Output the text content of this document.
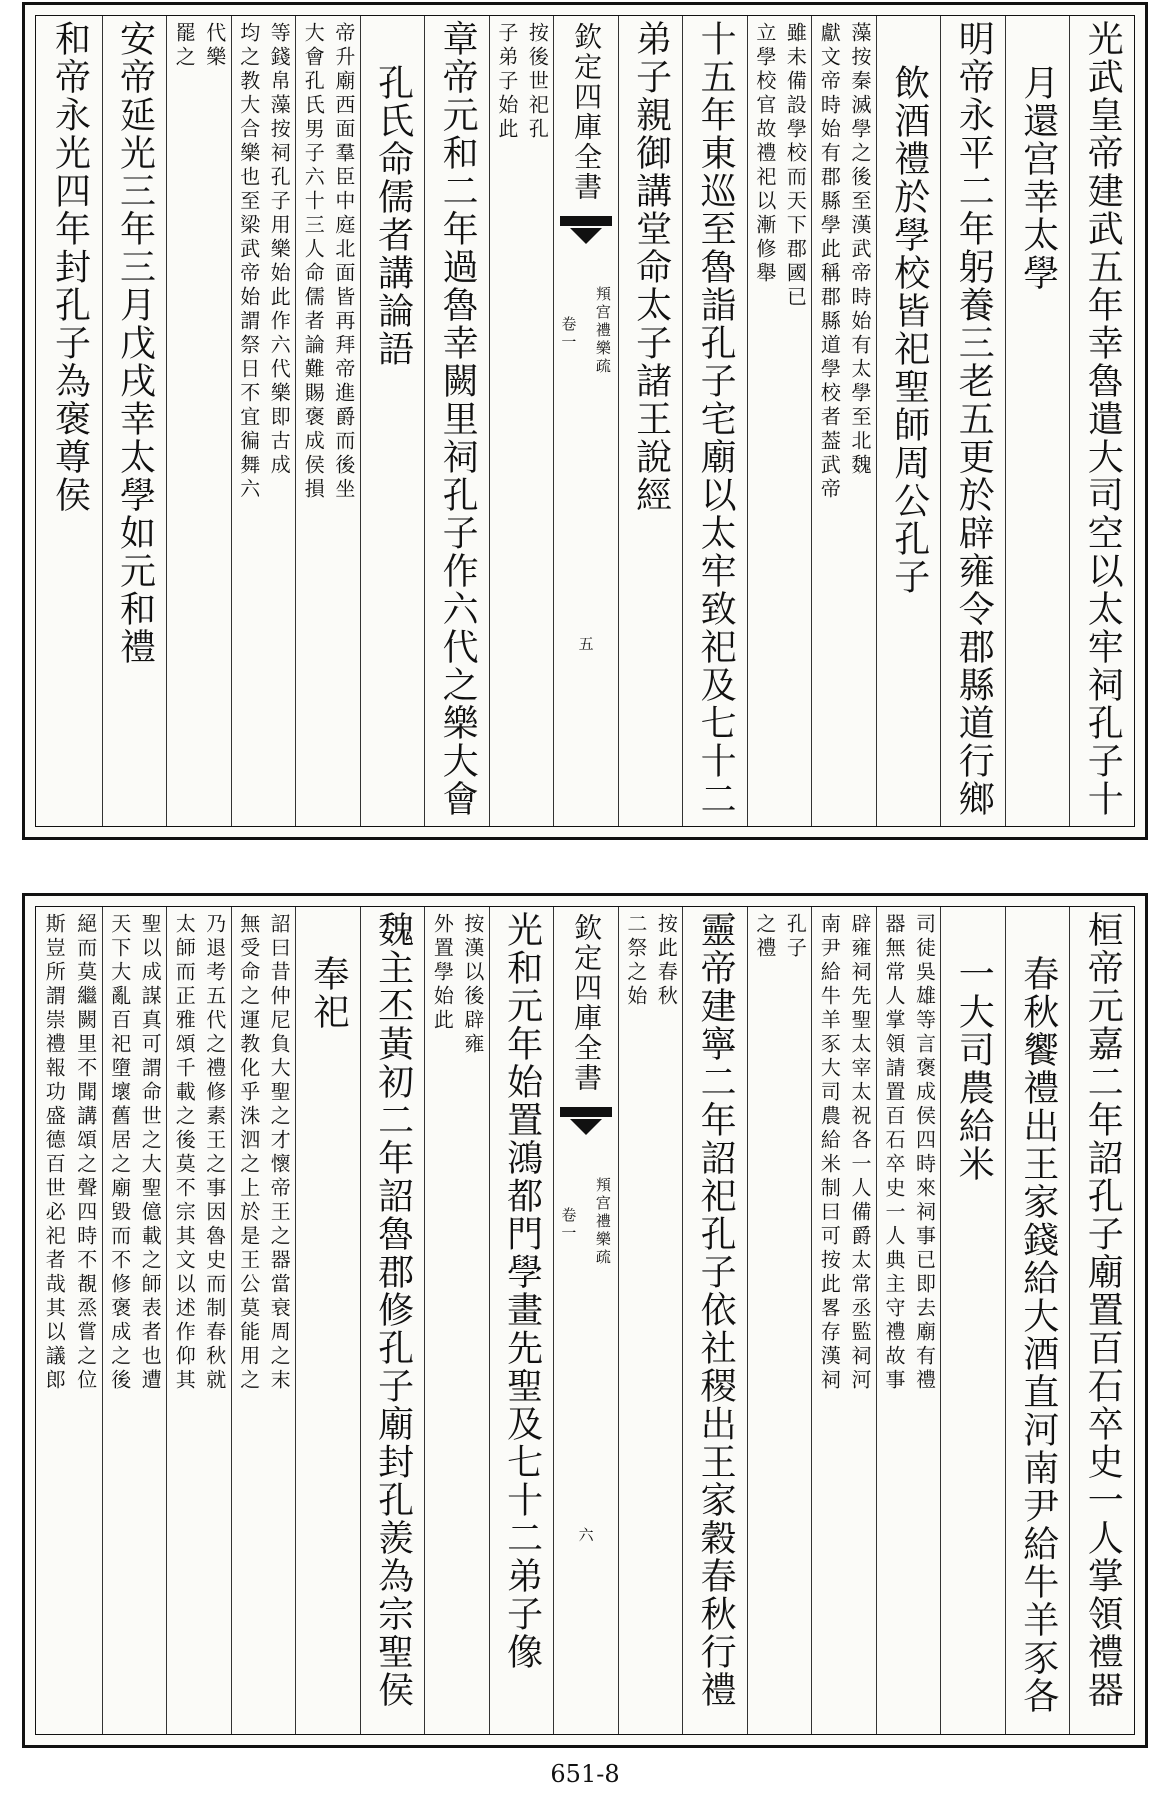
光武皇帝建武五年幸魯遣大司空以太牢祠孔子十
月還宫幸太學
明帝永平二年躬養三老五更於辟雍令郡縣道行鄉
飲酒禮於學校皆祀聖師周公孔子
藻按秦滅學之後至漢武帝時始有太學至北魏
獻文帝時始有郡縣學此稱郡縣道學校者葢武帝
雖未備設學校而天下郡國已
立學校官故禮祀以漸修舉
十五年東巡至魯詣孔子宅廟以太牢致祀及七十二
弟子親御講堂命太子諸王說經
欽定四庫全書
頖宫禮樂疏
卷一
五
按後世祀孔
子弟子始此
章帝元和二年過魯幸闕里祠孔子作六代之樂大會
孔氏命儒者講論語
帝升廟西面羣臣中庭北面皆再拜帝進爵而後坐
大會孔氏男子六十三人命儒者論難賜褒成侯損
等錢帛藻按祠孔子用樂始此作六代樂即古成
均之教大合樂也至梁武帝始謂祭日不宜徧舞六
代樂
罷之
安帝延光三年三月戊戌幸太學如元和禮
和帝永光四年封孔子為褒尊侯
桓帝元嘉二年詔孔子廟置百石卒史一人掌領禮器
春秋饗禮出王家錢給大酒直河南尹給牛羊豕各
一大司農給米
司徒吳雄等言褒成侯四時來祠事已即去廟有禮
器無常人掌領請置百石卒史一人典主守禮故事
辟雍祠先聖太宰太祝各一人備爵太常丞監祠河
南尹給牛羊豕大司農給米制曰可按此畧存漢祠
孔子
之禮
靈帝建寧二年詔祀孔子依社稷出王家穀春秋行禮
按此春秋
二祭之始
欽定四庫全書
頖宫禮樂疏
卷一
六
光和元年始置鴻都門學畫先聖及七十二弟子像
按漢以後辟雍
外置學始此
魏主丕黃初二年詔魯郡修孔子廟封孔羨為宗聖侯
奉祀
詔曰昔仲尼負大聖之才懷帝王之器當衰周之末
無受命之運教化乎洙泗之上於是王公莫能用之
乃退考五代之禮修素王之事因魯史而制春秋就
太師而正雅頌千載之後莫不宗其文以述作仰其
聖以成謀真可謂命世之大聖億載之師表者也遭
天下大亂百祀墮壞舊居之廟毀而不修褒成之後
絕而莫繼闕里不聞講頌之聲四時不覩烝嘗之位
斯豈所謂崇禮報功盛德百世必祀者哉其以議郎
651-8
